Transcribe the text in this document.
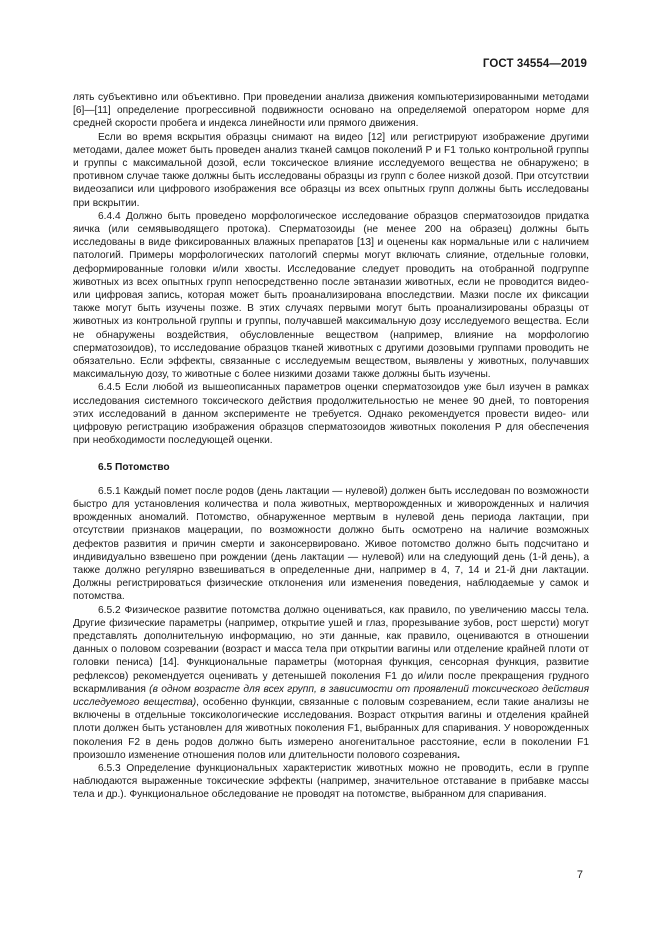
ГОСТ 34554—2019

лять субъективно или объективно. При проведении анализа движения компьютеризированными методами [6]—[11] определение прогрессивной подвижности основано на определяемой оператором норме для средней скорости пробега и индекса линейности или прямого движения.

Если во время вскрытия образцы снимают на видео [12] или регистрируют изображение другими методами, далее может быть проведен анализ тканей самцов поколений Р и F1 только контрольной группы и группы с максимальной дозой, если токсическое влияние исследуемого вещества не обнаружено; в противном случае также должны быть исследованы образцы из групп с более низкой дозой. При отсутствии видеозаписи или цифрового изображения все образцы из всех опытных групп должны быть исследованы при вскрытии.

6.4.4 Должно быть проведено морфологическое исследование образцов сперматозоидов придатка яичка (или семявыводящего протока). Сперматозоиды (не менее 200 на образец) должны быть исследованы в виде фиксированных влажных препаратов [13] и оценены как нормальные или с наличием патологий. Примеры морфологических патологий спермы могут включать слияние, отдельные головки, деформированные головки и/или хвосты. Исследование следует проводить на отобранной подгруппе животных из всех опытных групп непосредственно после эвтаназии животных, если не проводится видео- или цифровая запись, которая может быть проанализирована впоследствии. Мазки после их фиксации также могут быть изучены позже. В этих случаях первыми могут быть проанализированы образцы от животных из контрольной группы и группы, получавшей максимальную дозу исследуемого вещества. Если не обнаружены воздействия, обусловленные веществом (например, влияние на морфологию сперматозоидов), то исследование образцов тканей животных с другими дозовыми группами проводить не обязательно. Если эффекты, связанные с исследуемым веществом, выявлены у животных, получавших максимальную дозу, то животные с более низкими дозами также должны быть изучены.

6.4.5 Если любой из вышеописанных параметров оценки сперматозоидов уже был изучен в рамках исследования системного токсического действия продолжительностью не менее 90 дней, то повторения этих исследований в данном эксперименте не требуется. Однако рекомендуется провести видео- или цифровую регистрацию изображения образцов сперматозоидов животных поколения Р для обеспечения при необходимости последующей оценки.

6.5 Потомство

6.5.1 Каждый помет после родов (день лактации — нулевой) должен быть исследован по возможности быстро для установления количества и пола животных, мертворожденных и живорожденных и наличия врожденных аномалий. Потомство, обнаруженное мертвым в нулевой день периода лактации, при отсутствии признаков мацерации, по возможности должно быть осмотрено на наличие возможных дефектов развития и причин смерти и законсервировано. Живое потомство должно быть подсчитано и индивидуально взвешено при рождении (день лактации — нулевой) или на следующий день (1-й день), а также должно регулярно взвешиваться в определенные дни, например в 4, 7, 14 и 21-й дни лактации. Должны регистрироваться физические отклонения или изменения поведения, наблюдаемые у самок и потомства.

6.5.2 Физическое развитие потомства должно оцениваться, как правило, по увеличению массы тела. Другие физические параметры (например, открытие ушей и глаз, прорезывание зубов, рост шерсти) могут представлять дополнительную информацию, но эти данные, как правило, оцениваются в отношении данных о половом созревании (возраст и масса тела при открытии вагины или отделение крайней плоти от головки пениса) [14]. Функциональные параметры (моторная функция, сенсорная функция, развитие рефлексов) рекомендуется оценивать у детенышей поколения F1 до и/или после прекращения грудного вскармливания (в одном возрасте для всех групп, в зависимости от проявлений токсического действия исследуемого вещества), особенно функции, связанные с половым созреванием, если такие анализы не включены в отдельные токсикологические исследования. Возраст открытия вагины и отделения крайней плоти должен быть установлен для животных поколения F1, выбранных для спаривания. У новорожденных поколения F2 в день родов должно быть измерено аногенитальное расстояние, если в поколении F1 произошло изменение отношения полов или длительности полового созревания.

6.5.3 Определение функциональных характеристик животных можно не проводить, если в группе наблюдаются выраженные токсические эффекты (например, значительное отставание в прибавке массы тела и др.). Функциональное обследование не проводят на потомстве, выбранном для спаривания.

7
